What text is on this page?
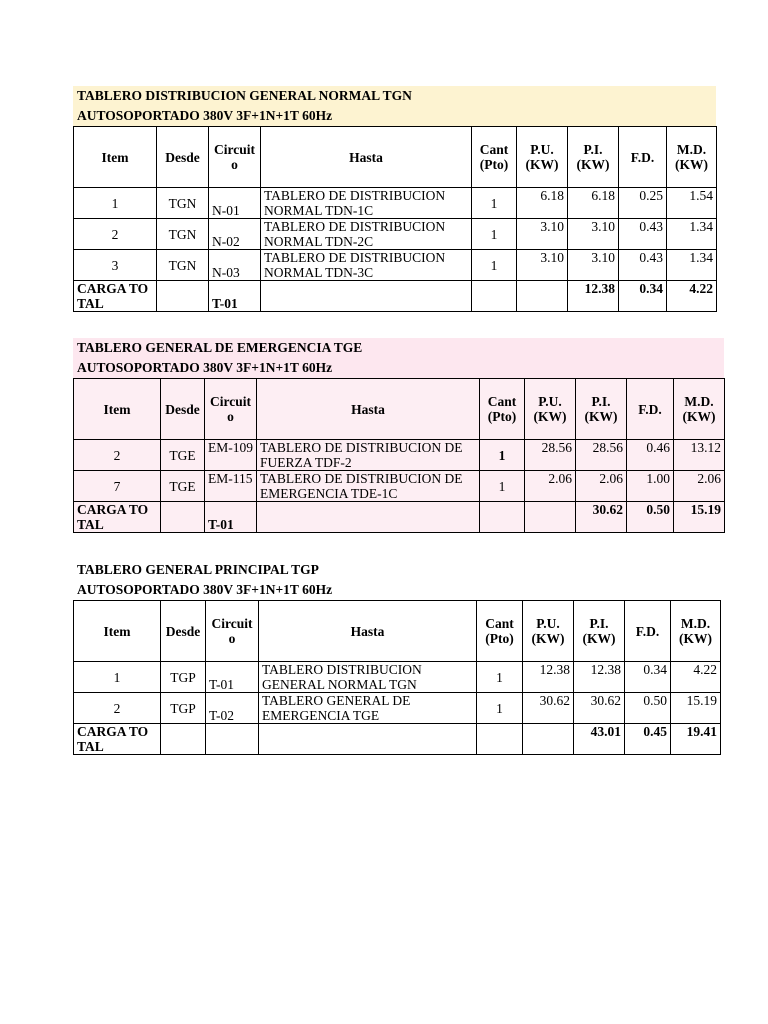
TABLERO DISTRIBUCION GENERAL NORMAL TGN
AUTOSOPORTADO 380V 3F+1N+1T 60Hz
Item	Desde	Circuito	Hasta	Cant (Pto)	P.U. (KW)	P.I. (KW)	F.D.	M.D. (KW)
1	TGN	N-01	TABLERO DE DISTRIBUCION NORMAL TDN-1C	1	6.18	6.18	0.25	1.54
2	TGN	N-02	TABLERO DE DISTRIBUCION NORMAL TDN-2C	1	3.10	3.10	0.43	1.34
3	TGN	N-03	TABLERO DE DISTRIBUCION NORMAL TDN-3C	1	3.10	3.10	0.43	1.34
CARGA TOTAL		T-01				12.38	0.34	4.22
TABLERO GENERAL DE EMERGENCIA TGE
AUTOSOPORTADO 380V 3F+1N+1T 60Hz
Item	Desde	Circuito	Hasta	Cant (Pto)	P.U. (KW)	P.I. (KW)	F.D.	M.D. (KW)
2	TGE	EM-109	TABLERO DE DISTRIBUCION DE FUERZA TDF-2	1	28.56	28.56	0.46	13.12
7	TGE	EM-115	TABLERO DE DISTRIBUCION DE EMERGENCIA TDE-1C	1	2.06	2.06	1.00	2.06
CARGA TOTAL		T-01				30.62	0.50	15.19
TABLERO GENERAL PRINCIPAL TGP
AUTOSOPORTADO 380V 3F+1N+1T 60Hz
Item	Desde	Circuito	Hasta	Cant (Pto)	P.U. (KW)	P.I. (KW)	F.D.	M.D. (KW)
1	TGP	T-01	TABLERO DISTRIBUCION GENERAL NORMAL TGN	1	12.38	12.38	0.34	4.22
2	TGP	T-02	TABLERO GENERAL DE EMERGENCIA TGE	1	30.62	30.62	0.50	15.19
CARGA TOTAL						43.01	0.45	19.41
